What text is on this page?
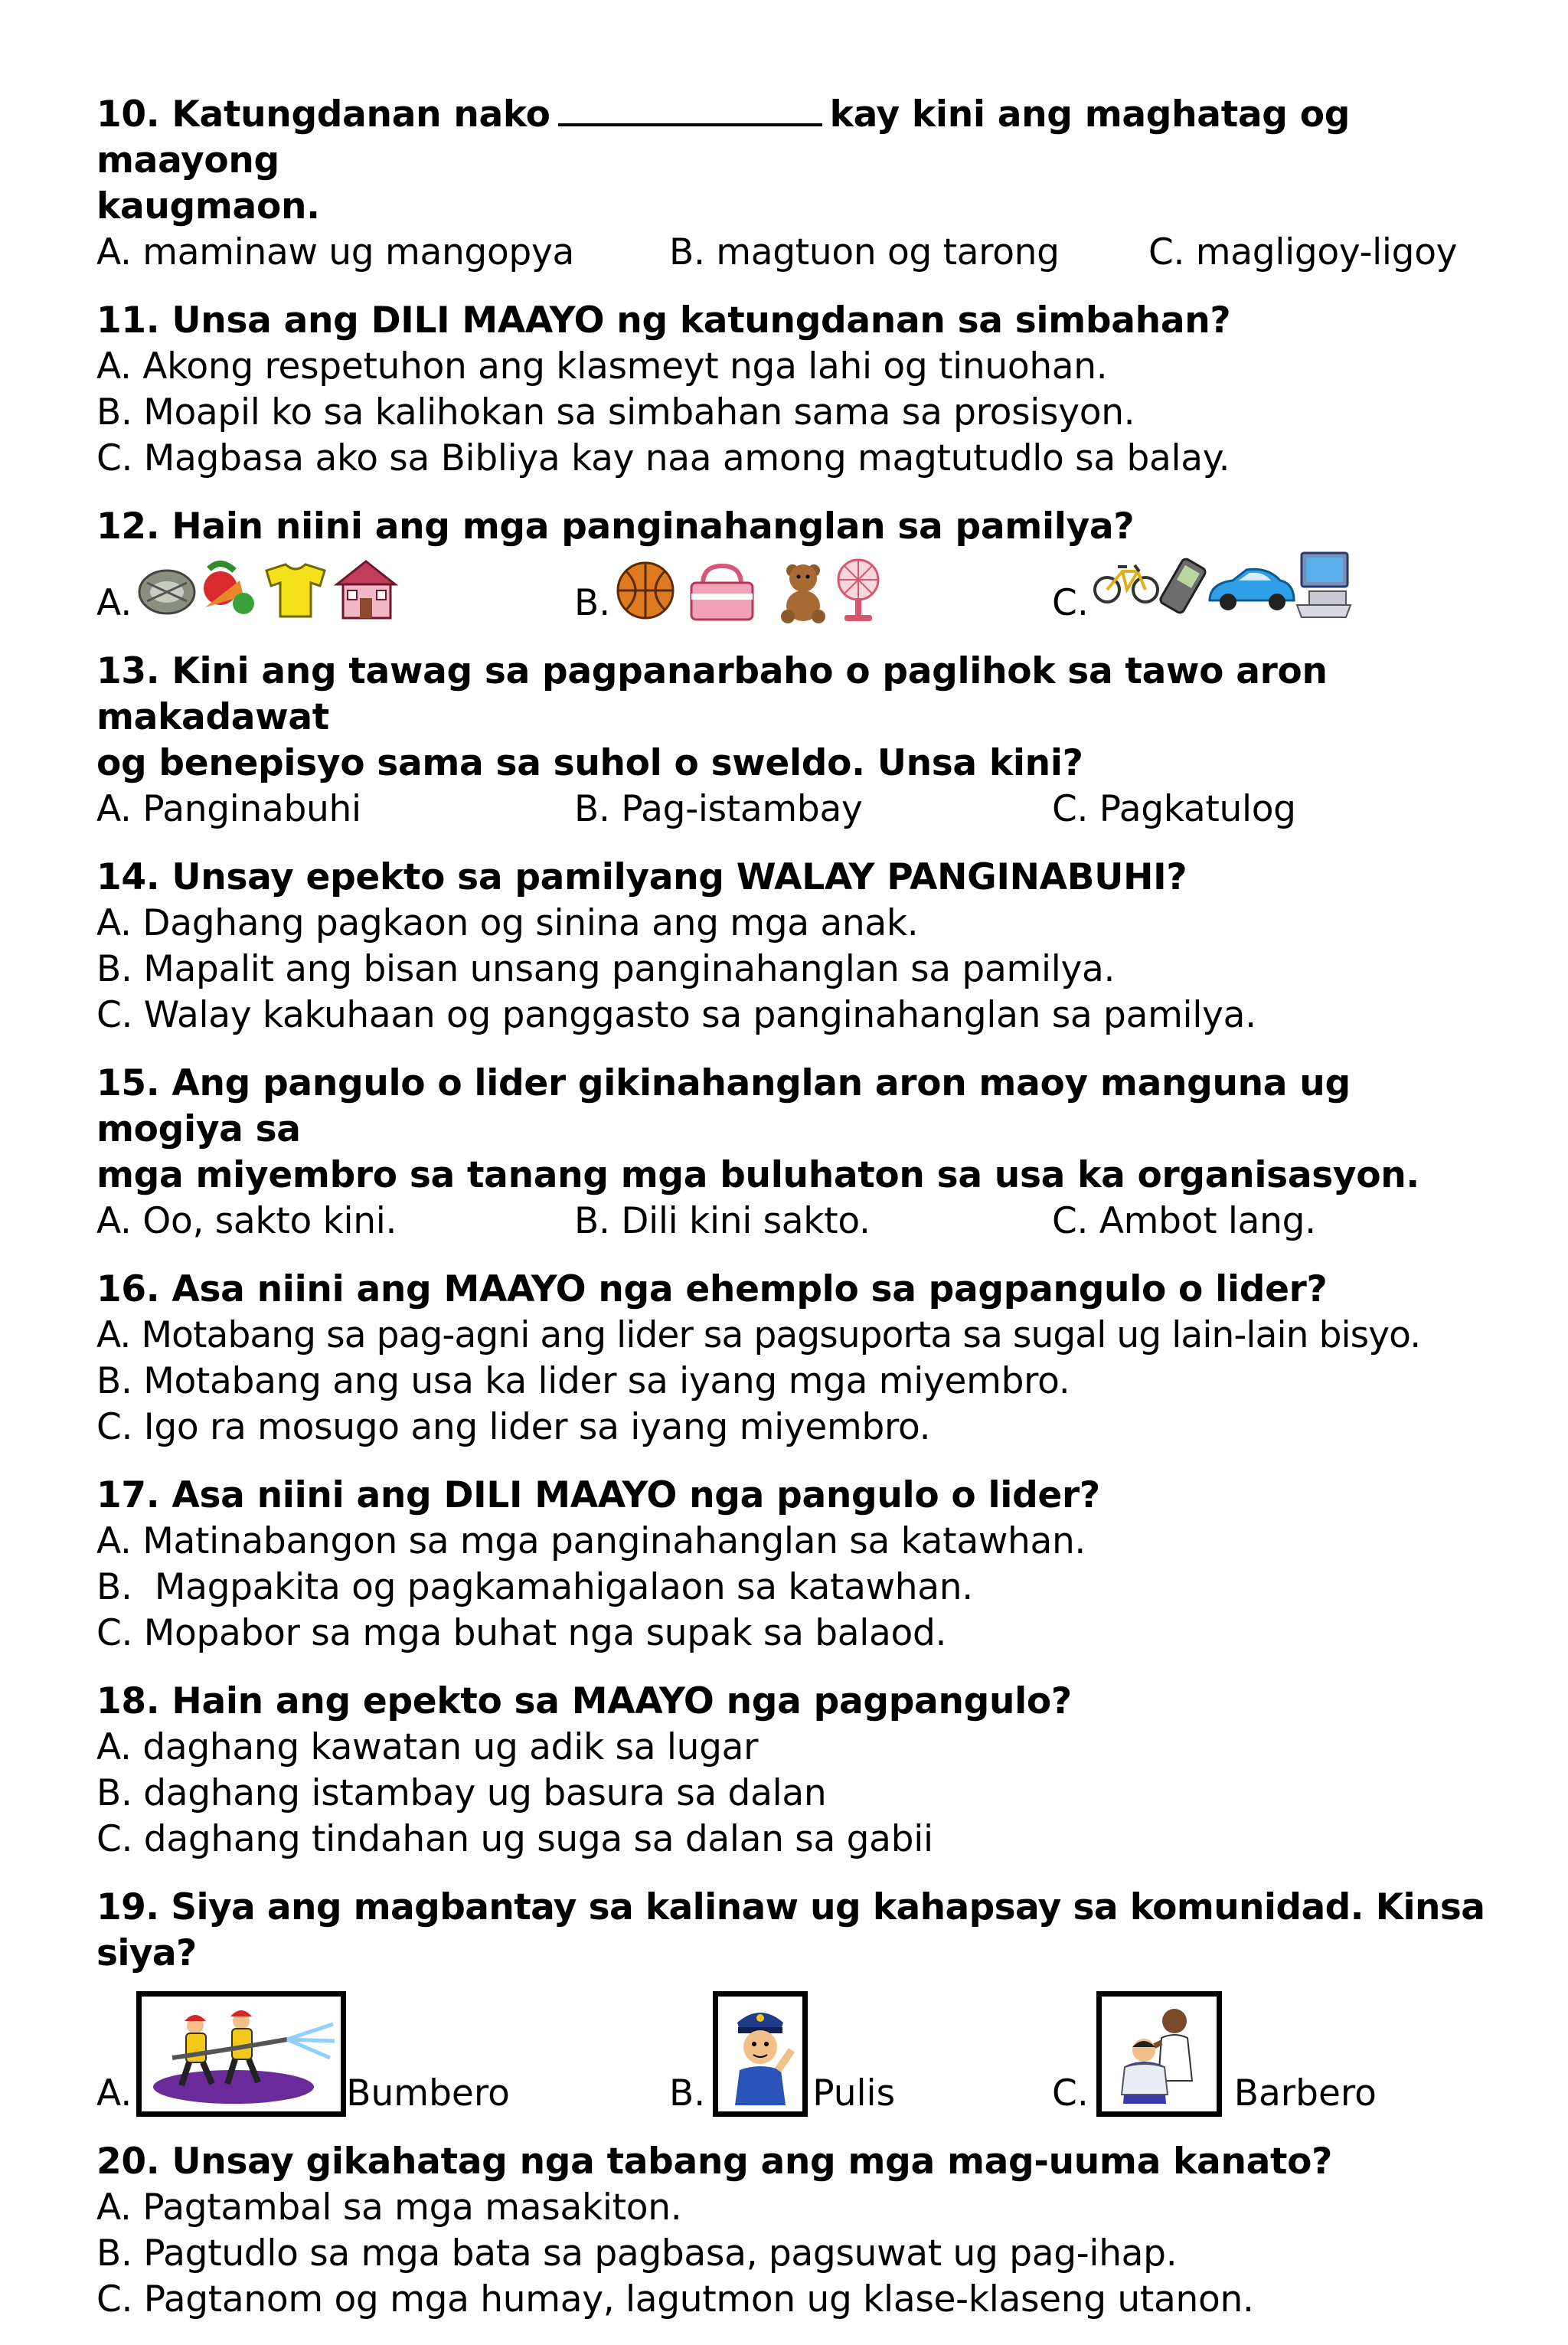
10. Katungdanan nako	kay kini ang maghatag og maayong

kaugmaon.

A. maminaw ug mangopya	B. magtuon og tarong	C. magligoy-ligoy

11. Unsa ang DILI MAAYO ng katungdanan sa simbahan?

A. Akong respetuhon ang klasmeyt nga lahi og tinuohan.

B. Moapil ko sa kalihokan sa simbahan sama sa prosisyon.

C. Magbasa ako sa Bibliya kay naa among magtutudlo sa balay.

12. Hain niini ang mga panginahanglan sa pamilya?

A.	B.	C.

13. Kini ang tawag sa pagpanarbaho o paglihok sa tawo aron makadawat

og benepisyo sama sa suhol o sweldo. Unsa kini?

A. Panginabuhi	B. Pag-istambay	C. Pagkatulog

14. Unsay epekto sa pamilyang WALAY PANGINABUHI?

A. Daghang pagkaon og sinina ang mga anak.

B. Mapalit ang bisan unsang panginahanglan sa pamilya.

C. Walay kakuhaan og panggasto sa panginahanglan sa pamilya.

15. Ang pangulo o lider gikinahanglan aron maoy manguna ug mogiya sa

mga miyembro sa tanang mga buluhaton sa usa ka organisasyon.

A. Oo, sakto kini.	B. Dili kini sakto.	C. Ambot lang.

16. Asa niini ang MAAYO nga ehemplo sa pagpangulo o lider?

A. Motabang sa pag-agni ang lider sa pagsuporta sa sugal ug lain-lain bisyo.

B. Motabang ang usa ka lider sa iyang mga miyembro.

C. Igo ra mosugo ang lider sa iyang miyembro.

17. Asa niini ang DILI MAAYO nga pangulo o lider?

A. Matinabangon sa mga panginahanglan sa katawhan.

B.  Magpakita og pagkamahigalaon sa katawhan.

C. Mopabor sa mga buhat nga supak sa balaod.

18. Hain ang epekto sa MAAYO nga pagpangulo?

A. daghang kawatan ug adik sa lugar

B. daghang istambay ug basura sa dalan

C. daghang tindahan ug suga sa dalan sa gabii

19. Siya ang magbantay sa kalinaw ug kahapsay sa komunidad. Kinsa siya?

A.	Bumbero	B.	Pulis	C.	Barbero

20. Unsay gikahatag nga tabang ang mga mag-uuma kanato?

A. Pagtambal sa mga masakiton.

B. Pagtudlo sa mga bata sa pagbasa, pagsuwat ug pag-ihap.

C. Pagtanom og mga humay, lagutmon ug klase-klaseng utanon.
